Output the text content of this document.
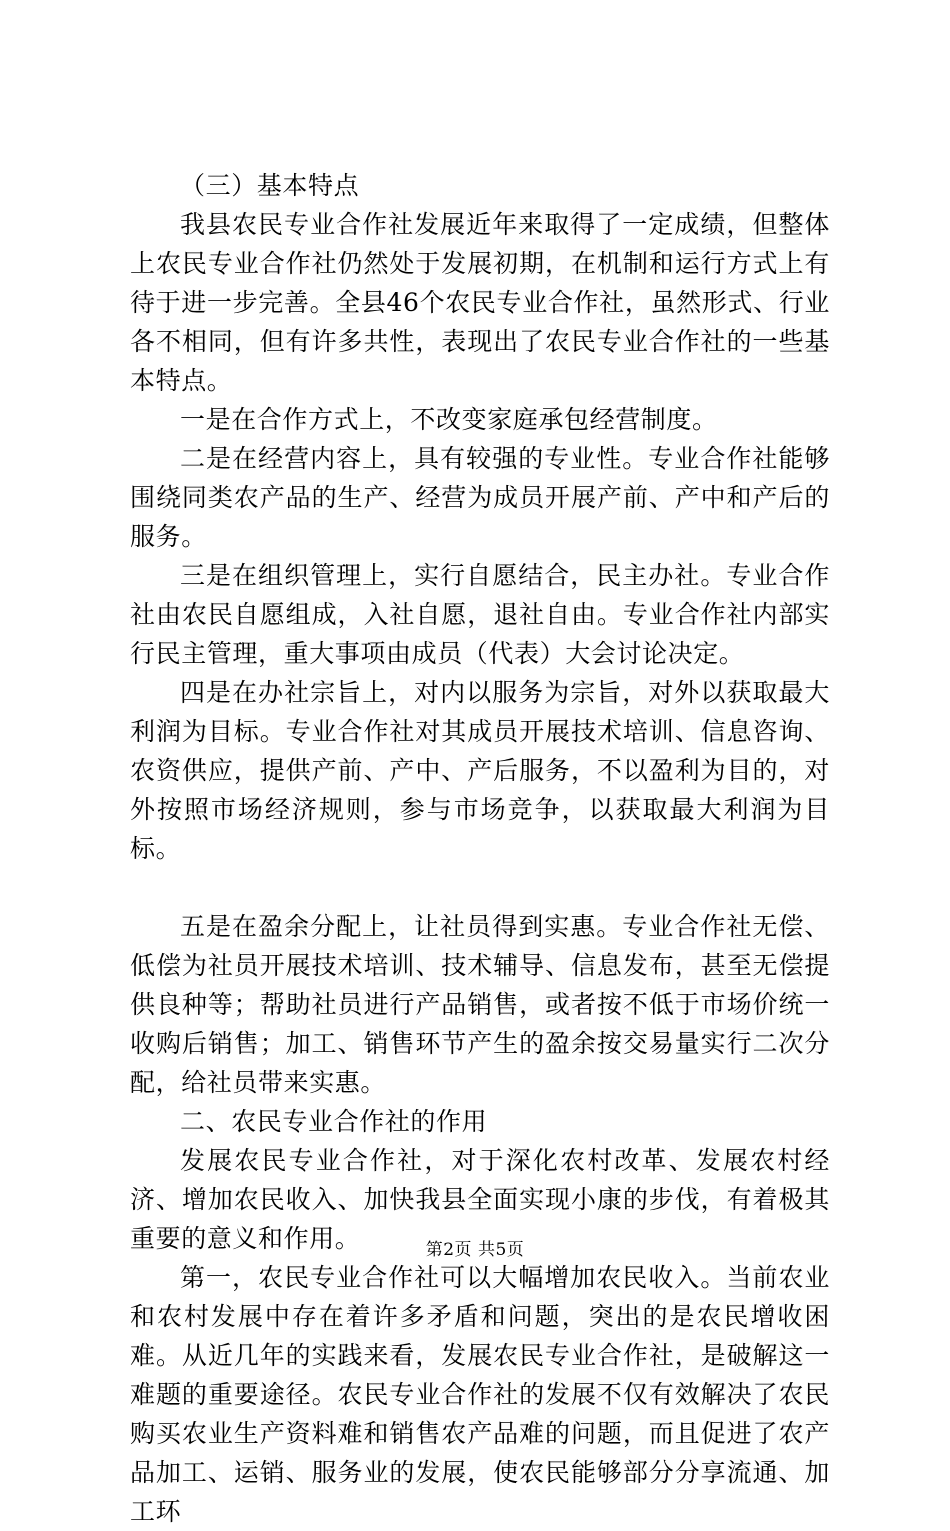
（三）基本特点

我县农民专业合作社发展近年来取得了一定成绩，但整体上农民专业合作社仍然处于发展初期，在机制和运行方式上有待于进一步完善。全县46个农民专业合作社，虽然形式、行业各不相同，但有许多共性，表现出了农民专业合作社的一些基本特点。

一是在合作方式上，不改变家庭承包经营制度。

二是在经营内容上，具有较强的专业性。专业合作社能够围绕同类农产品的生产、经营为成员开展产前、产中和产后的服务。

三是在组织管理上，实行自愿结合，民主办社。专业合作社由农民自愿组成，入社自愿，退社自由。专业合作社内部实行民主管理，重大事项由成员（代表）大会讨论决定。

四是在办社宗旨上，对内以服务为宗旨，对外以获取最大利润为目标。专业合作社对其成员开展技术培训、信息咨询、农资供应，提供产前、产中、产后服务，不以盈利为目的，对外按照市场经济规则，参与市场竞争，以获取最大利润为目标。

五是在盈余分配上，让社员得到实惠。专业合作社无偿、低偿为社员开展技术培训、技术辅导、信息发布，甚至无偿提供良种等；帮助社员进行产品销售，或者按不低于市场价统一收购后销售；加工、销售环节产生的盈余按交易量实行二次分配，给社员带来实惠。

二、农民专业合作社的作用

发展农民专业合作社，对于深化农村改革、发展农村经济、增加农民收入、加快我县全面实现小康的步伐，有着极其重要的意义和作用。

第一，农民专业合作社可以大幅增加农民收入。当前农业和农村发展中存在着许多矛盾和问题，突出的是农民增收困难。从近几年的实践来看，发展农民专业合作社，是破解这一难题的重要途径。农民专业合作社的发展不仅有效解决了农民购买农业生产资料难和销售农产品难的问题，而且促进了农产品加工、运销、服务业的发展，使农民能够部分分享流通、加工环

第2页 共5页
